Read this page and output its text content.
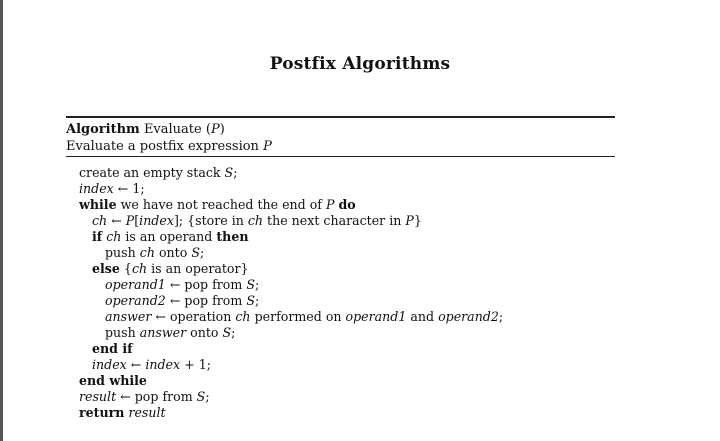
Postfix Algorithms
Algorithm Evaluate (P)
Evaluate a postfix expression P
create an empty stack S;
index ← 1;
while we have not reached the end of P do
ch ← P[index]; {store in ch the next character in P}
if ch is an operand then
push ch onto S;
else {ch is an operator}
operand1 ← pop from S;
operand2 ← pop from S;
answer ← operation ch performed on operand1 and operand2;
push answer onto S;
end if
index ← index + 1;
end while
result ← pop from S;
return result
